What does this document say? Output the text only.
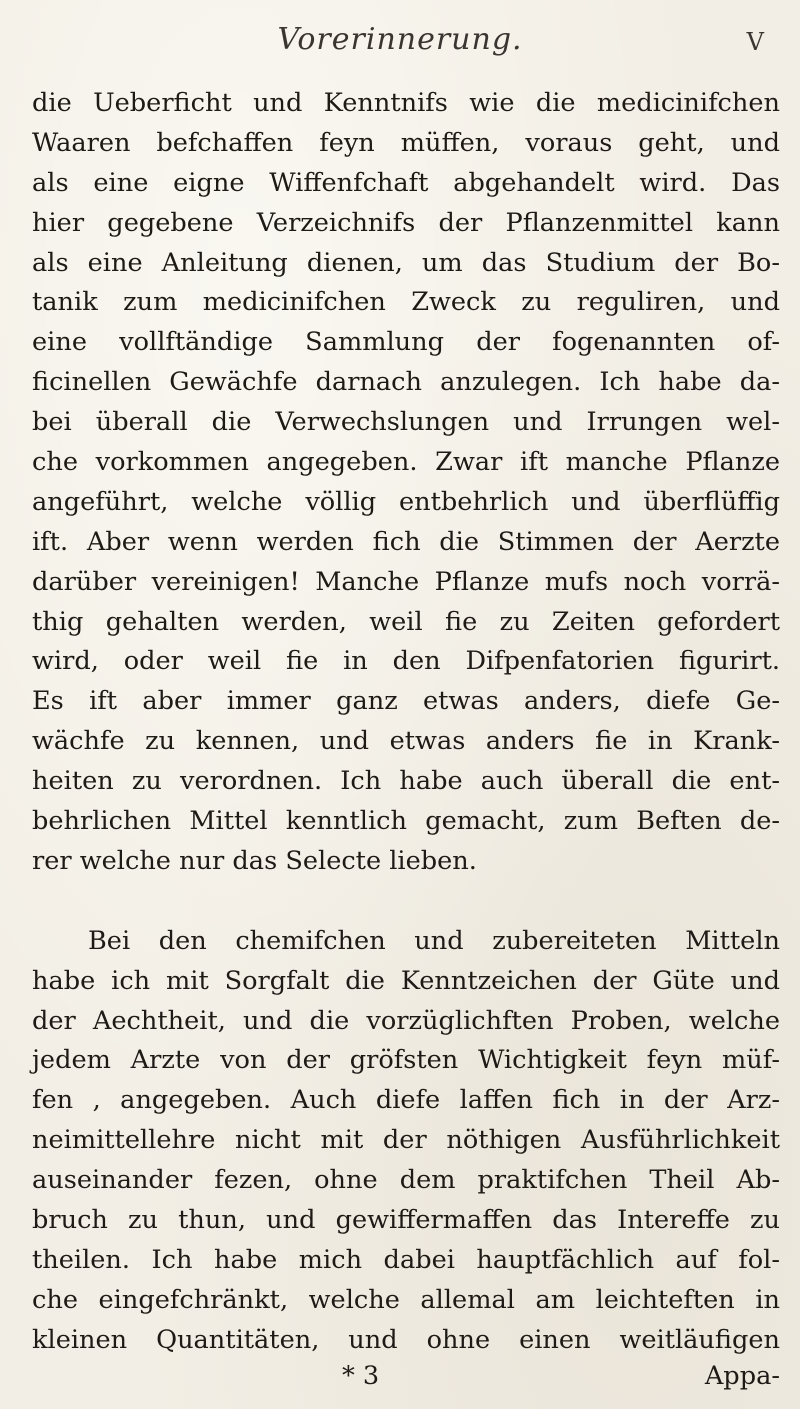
Vorerinnerung.	V
die Ueberficht und Kenntnifs wie die medicinifchen
Waaren befchaffen feyn müffen, voraus geht, und
als eine eigne Wiffenfchaft abgehandelt wird. Das
hier gegebene Verzeichnifs der Pflanzenmittel kann
als eine Anleitung dienen, um das Studium der Bo-
tanik zum medicinifchen Zweck zu reguliren, und
eine vollftändige Sammlung der fogenannten of-
ficinellen Gewächfe darnach anzulegen. Ich habe da-
bei überall die Verwechslungen und Irrungen wel-
che vorkommen angegeben. Zwar ift manche Pflanze
angeführt, welche völlig entbehrlich und überflüffig
ift. Aber wenn werden fich die Stimmen der Aerzte
darüber vereinigen! Manche Pflanze mufs noch vorrä-
thig gehalten werden, weil fie zu Zeiten gefordert
wird, oder weil fie in den Difpenfatorien figurirt.
Es ift aber immer ganz etwas anders, diefe Ge-
wächfe zu kennen, und etwas anders fie in Krank-
heiten zu verordnen. Ich habe auch überall die ent-
behrlichen Mittel kenntlich gemacht, zum Beften de-
rer welche nur das Selecte lieben.
Bei den chemifchen und zubereiteten Mitteln
habe ich mit Sorgfalt die Kenntzeichen der Güte und
der Aechtheit, und die vorzüglichften Proben, welche
jedem Arzte von der gröfsten Wichtigkeit feyn müf-
fen , angegeben. Auch diefe laffen fich in der Arz-
neimittellehre nicht mit der nöthigen Ausführlichkeit
auseinander fezen, ohne dem praktifchen Theil Ab-
bruch zu thun, und gewiffermaffen das Intereffe zu
theilen. Ich habe mich dabei hauptfächlich auf fol-
che eingefchränkt, welche allemal am leichteften in
kleinen Quantitäten, und ohne einen weitläufigen
* 3	Appa-
